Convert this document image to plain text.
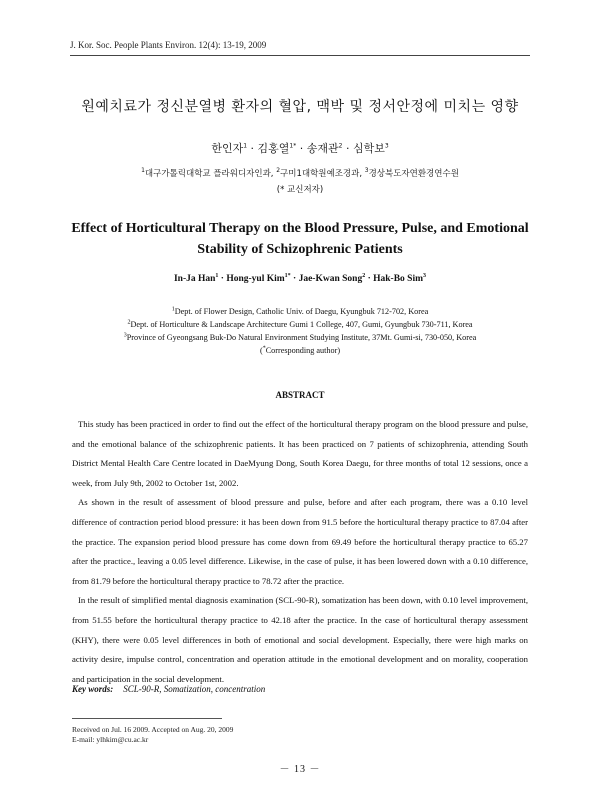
J. Kor. Soc. People Plants Environ. 12(4): 13-19, 2009
원예치료가 정신분열병 환자의 혈압, 맥박 및 정서안정에 미치는 영향
한인자$^1$ · 김홍열$^{1*}$ · 송재관$^2$ · 심학보$^3$
$^1$대구가톨릭대학교 플라워디자인과, $^2$구미1대학원예조경과, $^3$경상북도자연환경연수원
(* 교신저자)
Effect of Horticultural Therapy on the Blood Pressure, Pulse, and Emotional
Stability of Schizophrenic Patients
In-Ja Han$^1$ · Hong-yul Kim$^{1*}$ · Jae-Kwan Song$^2$ · Hak-Bo Sim$^3$
$^1$Dept. of Flower Design, Catholic Univ. of Daegu, Kyungbuk 712-702, Korea
$^2$Dept. of Horticulture & Landscape Architecture Gumi 1 College, 407, Gumi, Gyungbuk 730-711, Korea
$^3$Province of Gyeongsang Buk-Do Natural Environment Studying Institute, 37Mt. Gumi-si, 730-050, Korea
(*Corresponding author)
ABSTRACT

This study has been practiced in order to find out the effect of the horticultural therapy program on the blood pressure and pulse, and the emotional balance of the schizophrenic patients. It has been practiced on 7 patients of schizophrenia, attending South District Mental Health Care Centre located in DaeMyung Dong, South Korea Daegu, for three months of total 12 sessions, once a week, from July 9th, 2002 to October 1st, 2002.

As shown in the result of assessment of blood pressure and pulse, before and after each program, there was a 0.10 level difference of contraction period blood pressure: it has been down from 91.5 before the horticultural therapy practice to 87.04 after the practice. The expansion period blood pressure has come down from 69.49 before the horticultural therapy practice to 65.27 after the practice., leaving a 0.05 level difference. Likewise, in the case of pulse, it has been lowered down with a 0.10 difference, from 81.79 before the horticultural therapy practice to 78.72 after the practice.

In the result of simplified mental diagnosis examination (SCL-90-R), somatization has been down, with 0.10 level improvement, from 51.55 before the horticultural therapy practice to 42.18 after the practice. In the case of horticultural therapy assessment (KHY), there were 0.05 level differences in both of emotional and social development. Especially, there were high marks on activity desire, impulse control, concentration and operation attitude in the emotional development and on morality, cooperation and participation in the social development.

Key words: SCL-90-R, Somatization, concentration
Received on Jul. 16 2009. Accepted on Aug. 20, 2009
E-mail: ylhkim@cu.ac.kr
－ 13 －
